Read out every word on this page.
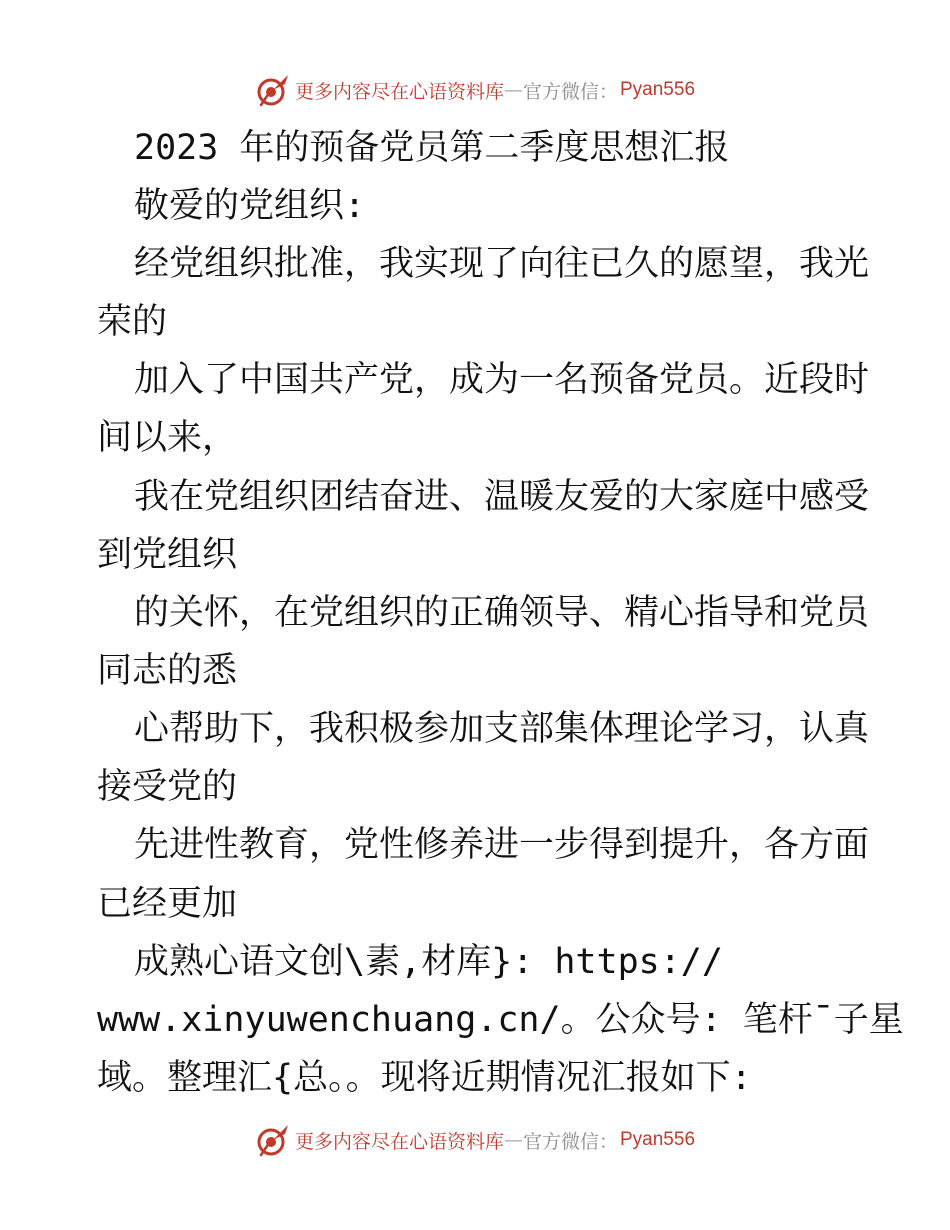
更多内容尽在心语资料库 — 官方微信： Pyan556
2023 年的预备党员第二季度思想汇报
敬爱的党组织:
经党组织批准，我实现了向往已久的愿望，我光
荣的
加入了中国共产党，成为一名预备党员。近段时
间以来，
我在党组织团结奋进、温暖友爱的大家庭中感受
到党组织
的关怀，在党组织的正确领导、精心指导和党员
同志的悉
心帮助下，我积极参加支部集体理论学习，认真
接受党的
先进性教育，党性修养进一步得到提升，各方面
已经更加
成熟心语文创\素,材库}: https://
www.xinyuwenchuang.cn/。公众号: 笔杆¯子星
域。整理汇{总。。现将近期情况汇报如下:
更多内容尽在心语资料库 — 官方微信： Pyan556
